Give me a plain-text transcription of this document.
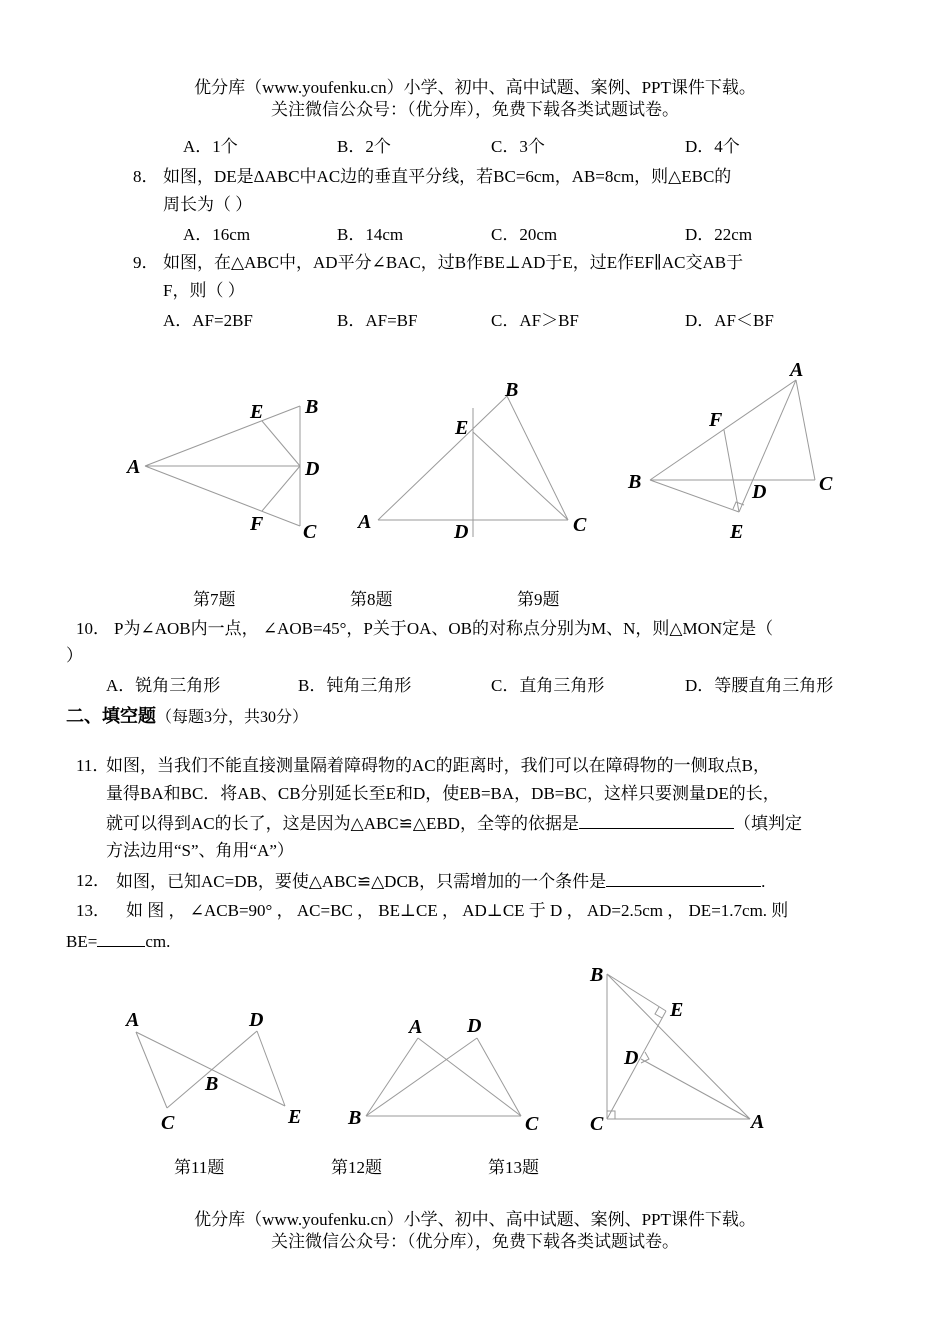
优分库（www.youfenku.cn）小学、初中、高中试题、案例、PPT课件下载。
关注微信公众号：（优分库），免费下载各类试题试卷。
A．1个	B．2个	C．3个	D．4个
8． 如图，DE是ΔABC中AC边的垂直平分线，若BC=6cm，AB=8cm，则△EBC的
周长为（ ）
A．16cm	B．14cm	C．20cm	D．22cm
9． 如图，在△ABC中，AD平分∠BAC，过B作BE⊥AD于E，过E作EF∥AC交AB于
F，则（ ）
A．AF=2BF	B．AF=BF	C．AF＞BF	D．AF＜BF
A
E B
D
F C
B
E
A	D	C
A
F
B	D	C
E
第7题	第8题	第9题
10． P为∠AOB内一点， ∠AOB=45°，P关于OA、OB的对称点分别为M、N，则△MON定是（
）
A．锐角三角形	B．钝角三角形	C．直角三角形	D．等腰直角三角形
二、填空题（每题3分，共30分）
11．
如图，当我们不能直接测量隔着障碍物的AC的距离时，我们可以在障碍物的一侧取点B，
量得BA和BC．将AB、CB分别延长至E和D，使EB=BA，DB=BC，这样只要测量DE的长，
就可以得到AC的长了，这是因为△ABC≌△EBD，全等的依据是	（填判定
方法边用“S”、角用“A”）
12． 如图，已知AC=DB，要使△ABC≌△DCB，只需增加的一个条件是	.
13． 如 图 ， ∠ACB=90° ， AC=BC ， BE⊥CE ， AD⊥CE 于 D ， AD=2.5cm ， DE=1.7cm. 则
BE=	cm.
A	D
B
C	E
A D
B	C
B
E
D
C	A
第11题	第12题	第13题
优分库（www.youfenku.cn）小学、初中、高中试题、案例、PPT课件下载。
关注微信公众号：（优分库），免费下载各类试题试卷。
